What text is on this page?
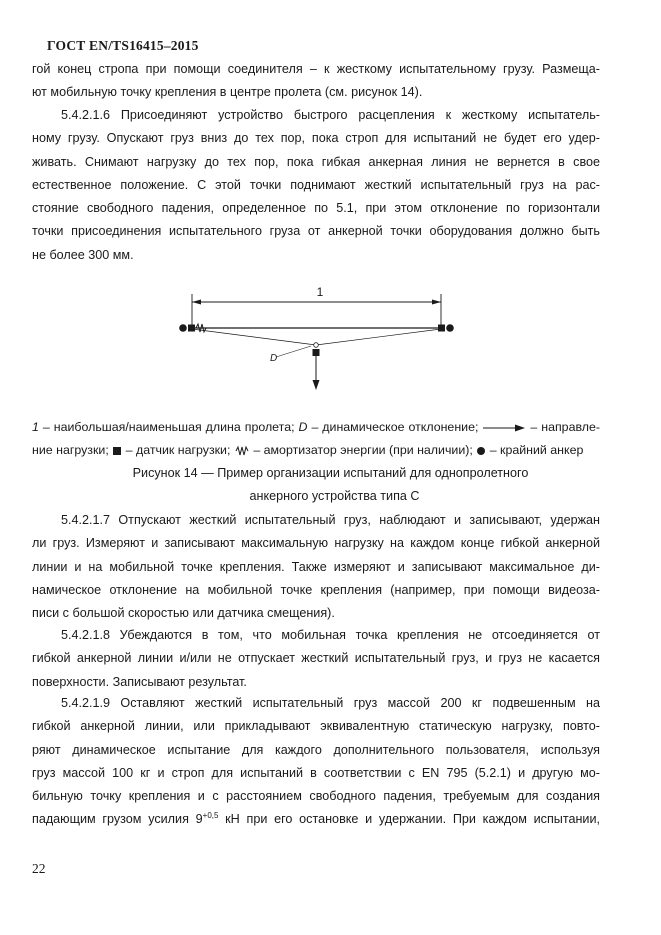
ГОСТ EN/TS16415–2015
гой конец стропа при помощи соединителя – к жесткому испытательному грузу. Размеща-
ют мобильную точку крепления в центре пролета (см. рисунок 14).
5.4.2.1.6 Присоединяют устройство быстрого расцепления к жесткому испытатель-
ному грузу. Опускают груз вниз до тех пор, пока строп для испытаний не будет его удер-
живать. Снимают нагрузку до тех пор, пока гибкая анкерная линия не вернется в свое
естественное положение. С этой точки поднимают жесткий испытательный груз на рас-
стояние свободного падения, определенное по 5.1, при этом отклонение по горизонтали
точки присоединения испытательного груза от анкерной точки оборудования должно быть
не более 300 мм.
1
D
1 – наибольшая/наименьшая длина пролета; D – динамическое отклонение;	– направле-
ние нагрузки;  – датчик нагрузки;  – амортизатор энергии (при наличии);  – крайний анкер
Рисунок 14 — Пример организации испытаний для однопролетного
анкерного устройства типа С
5.4.2.1.7 Отпускают жесткий испытательный груз, наблюдают и записывают, удержан
ли груз. Измеряют и записывают максимальную нагрузку на каждом конце гибкой анкерной
линии и на мобильной точке крепления. Также измеряют и записывают максимальное ди-
намическое отклонение на мобильной точке крепления (например, при помощи видеоза-
писи с большой скоростью или датчика смещения).
5.4.2.1.8 Убеждаются в том, что мобильная точка крепления не отсоединяется от
гибкой анкерной линии и/или не отпускает жесткий испытательный груз, и груз не касается
поверхности. Записывают результат.
5.4.2.1.9 Оставляют жесткий испытательный груз массой 200 кг подвешенным на
гибкой анкерной линии, или прикладывают эквивалентную статическую нагрузку, повто-
ряют динамическое испытание для каждого дополнительного пользователя, используя
груз массой 100 кг и строп для испытаний в соответствии с EN 795 (5.2.1) и другую мо-
бильную точку крепления и с расстоянием свободного падения, требуемым для создания
падающим грузом усилия $9^{+0,5}$ кН при его остановке и удержании. При каждом испытании,
22
